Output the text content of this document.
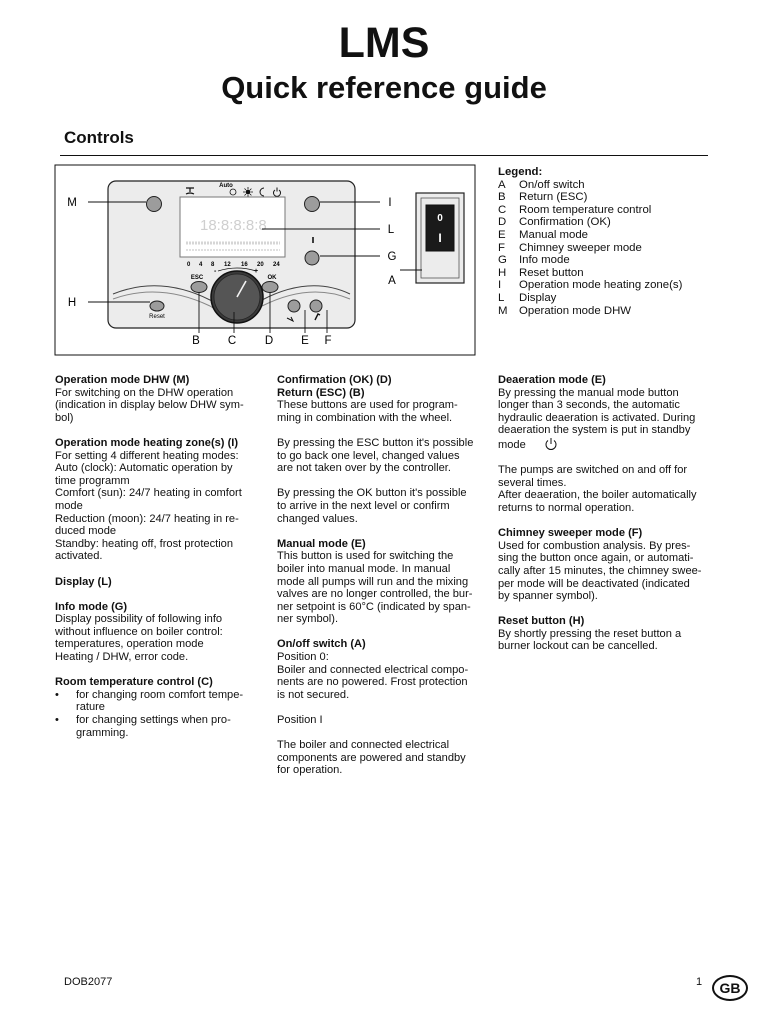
LMS
Quick reference guide
Controls
Auto
18:8:8:8:8
0 4 8 12 16 20 24
ESC	OK
Reset
-	+
0
I
M	I
L
G
A
H
B C D E F
Legend:
A	On/off switch
B	Return (ESC)
C	Room temperature control
D	Confirmation (OK)
E	Manual mode
F	Chimney sweeper mode
G	Info mode
H	Reset button
I	Operation mode heating zone(s)
L	Display
M	Operation mode DHW
Operation mode DHW (M)

For switching on the DHW operation
(indication in display below DHW sym-
bol)

Operation mode heating zone(s) (I)

For setting 4 different heating modes:
Auto (clock): Automatic operation by
time programm
Comfort (sun): 24/7 heating in comfort
mode
Reduction (moon): 24/7 heating in re-
duced mode
Standby: heating off, frost protection
activated.

Display (L)

Info mode (G)

Display possibility of following info
without influence on boiler control:
temperatures, operation mode
Heating / DHW, error code.

Room temperature control (C)
• for changing room comfort tempe-
rature
• for changing settings when pro-
gramming.
Confirmation (OK) (D)
Return (ESC) (B)

These buttons are used for program-
ming in combination with the wheel.

By pressing the ESC button it's possible
to go back one level, changed values
are not taken over by the controller.

By pressing the OK button it's possible
to arrive in the next level or confirm
changed values.

Manual mode (E)

This button is used for switching the
boiler into manual mode. In manual
mode all pumps will run and the mixing
valves are no longer controlled, the bur-
ner setpoint is 60°C (indicated by span-
ner symbol).

On/off switch (A)

Position 0:
Boiler and connected electrical compo-
nents are no powered. Frost protection
is not secured.

Position I

The boiler and connected electrical
components are powered and standby
for operation.

Deaeration mode (E)

By pressing the manual mode button
longer than 3 seconds, the automatic
hydraulic deaeration is activated. During
deaeration the system is put in standby
mode

The pumps are switched on and off for
several times.
After deaeration, the boiler automatically
returns to normal operation.

Chimney sweeper mode (F)

Used for combustion analysis. By pres-
sing the button once again, or automati-
cally after 15 minutes, the chimney swee-
per mode will be deactivated (indicated
by spanner symbol).

Reset button (H)

By shortly pressing the reset button a
burner lockout can be cancelled.

DOB2077	1	GB
